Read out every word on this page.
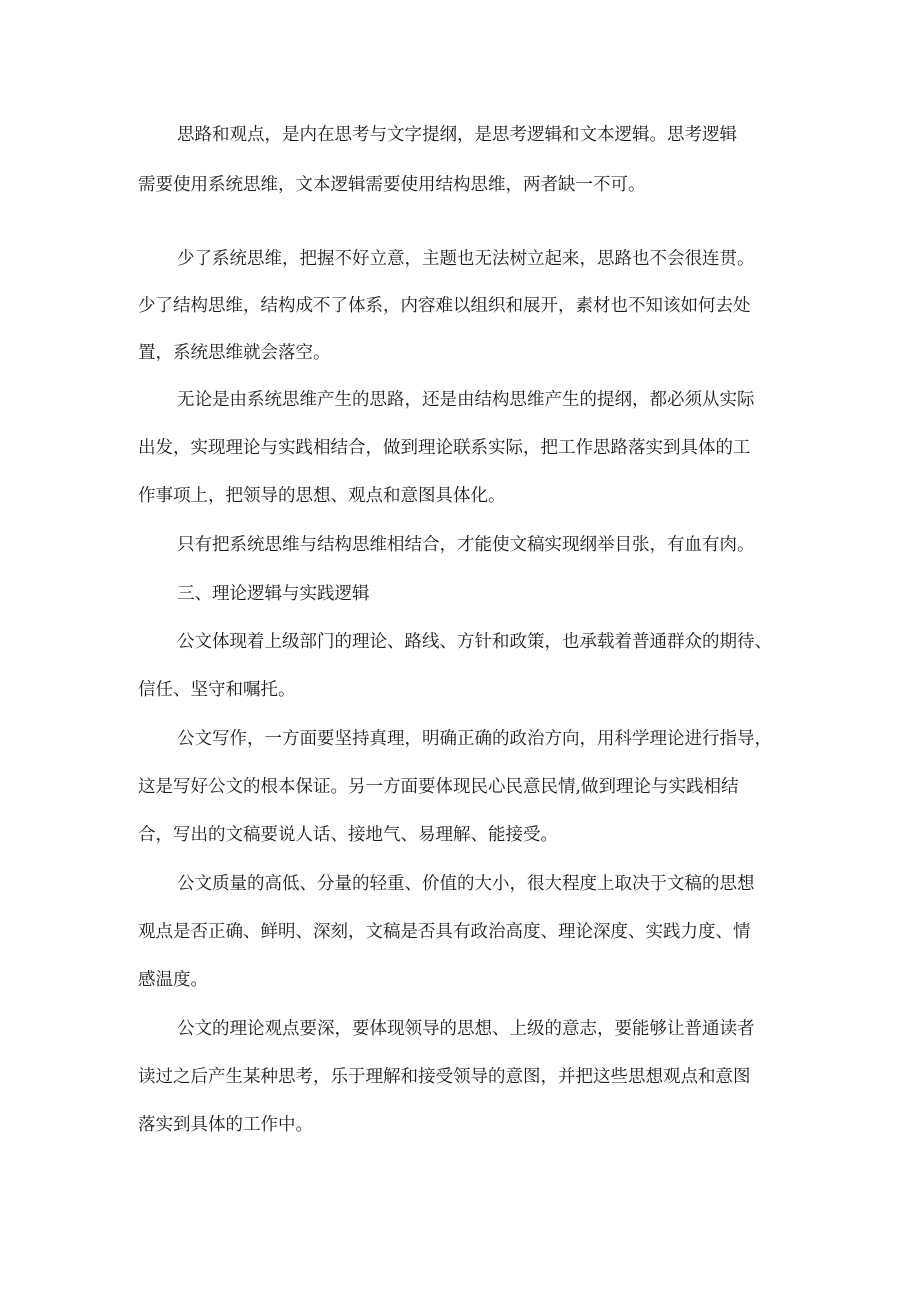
思路和观点，是内在思考与文字提纲，是思考逻辑和文本逻辑。思考逻辑

需要使用系统思维，文本逻辑需要使用结构思维，两者缺一不可。

少了系统思维，把握不好立意，主题也无法树立起来，思路也不会很连贯。

少了结构思维，结构成不了体系，内容难以组织和展开，素材也不知该如何去处

置，系统思维就会落空。

无论是由系统思维产生的思路，还是由结构思维产生的提纲，都必须从实际

出发，实现理论与实践相结合，做到理论联系实际，把工作思路落实到具体的工

作事项上，把领导的思想、观点和意图具体化。

只有把系统思维与结构思维相结合，才能使文稿实现纲举目张，有血有肉。

三、理论逻辑与实践逻辑

公文体现着上级部门的理论、路线、方针和政策，也承载着普通群众的期待、

信任、坚守和嘱托。

公文写作，一方面要坚持真理，明确正确的政治方向，用科学理论进行指导，

这是写好公文的根本保证。另一方面要体现民心民意民情,做到理论与实践相结

合，写出的文稿要说人话、接地气、易理解、能接受。

公文质量的高低、分量的轻重、价值的大小，很大程度上取决于文稿的思想

观点是否正确、鲜明、深刻，文稿是否具有政治高度、理论深度、实践力度、情

感温度。

公文的理论观点要深，要体现领导的思想、上级的意志，要能够让普通读者

读过之后产生某种思考，乐于理解和接受领导的意图，并把这些思想观点和意图

落实到具体的工作中。
